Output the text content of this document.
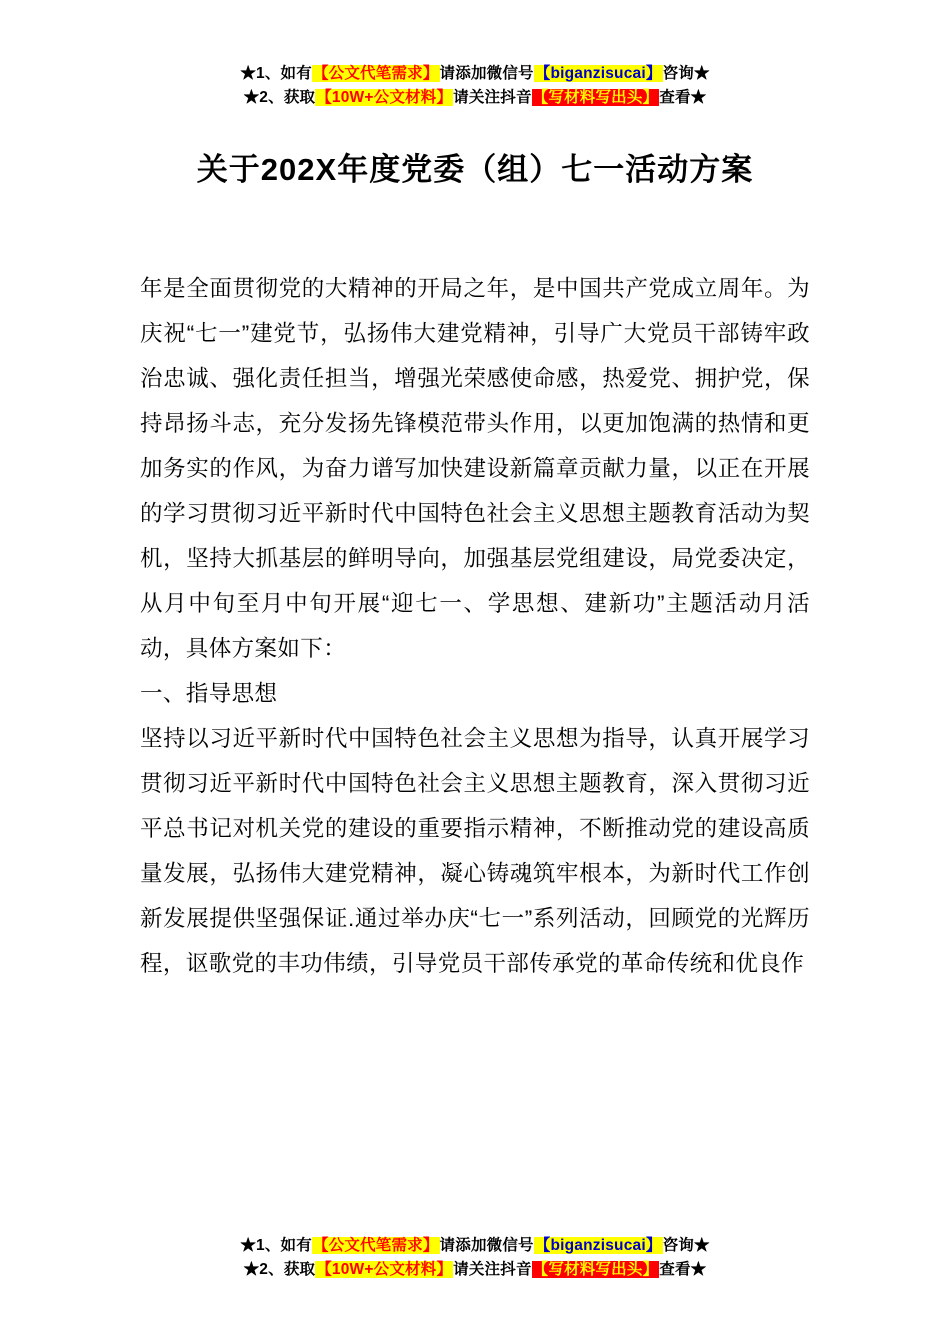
★1、如有【公文代笔需求】请添加微信号【biganzisucai】咨询★
★2、获取【10W+公文材料】请关注抖音【写材料写出头】查看★
关于202X年度党委（组）七一活动方案

年是全面贯彻党的大精神的开局之年，是中国共产党成立周年。为庆祝“七一”建党节，弘扬伟大建党精神，引导广大党员干部铸牢政治忠诚、强化责任担当，增强光荣感使命感，热爱党、拥护党，保持昂扬斗志，充分发扬先锋模范带头作用，以更加饱满的热情和更加务实的作风，为奋力谱写加快建设新篇章贡献力量，以正在开展的学习贯彻习近平新时代中国特色社会主义思想主题教育活动为契机，坚持大抓基层的鲜明导向，加强基层党组建设，局党委决定，从月中旬至月中旬开展“迎七一、学思想、建新功”主题活动月活动，具体方案如下：

一、指导思想

坚持以习近平新时代中国特色社会主义思想为指导，认真开展学习贯彻习近平新时代中国特色社会主义思想主题教育，深入贯彻习近平总书记对机关党的建设的重要指示精神，不断推动党的建设高质量发展，弘扬伟大建党精神，凝心铸魂筑牢根本，为新时代工作创新发展提供坚强保证.通过举办庆“七一”系列活动，回顾党的光辉历程，讴歌党的丰功伟绩，引导党员干部传承党的革命传统和优良作

★1、如有【公文代笔需求】请添加微信号【biganzisucai】咨询★
★2、获取【10W+公文材料】请关注抖音【写材料写出头】查看★
